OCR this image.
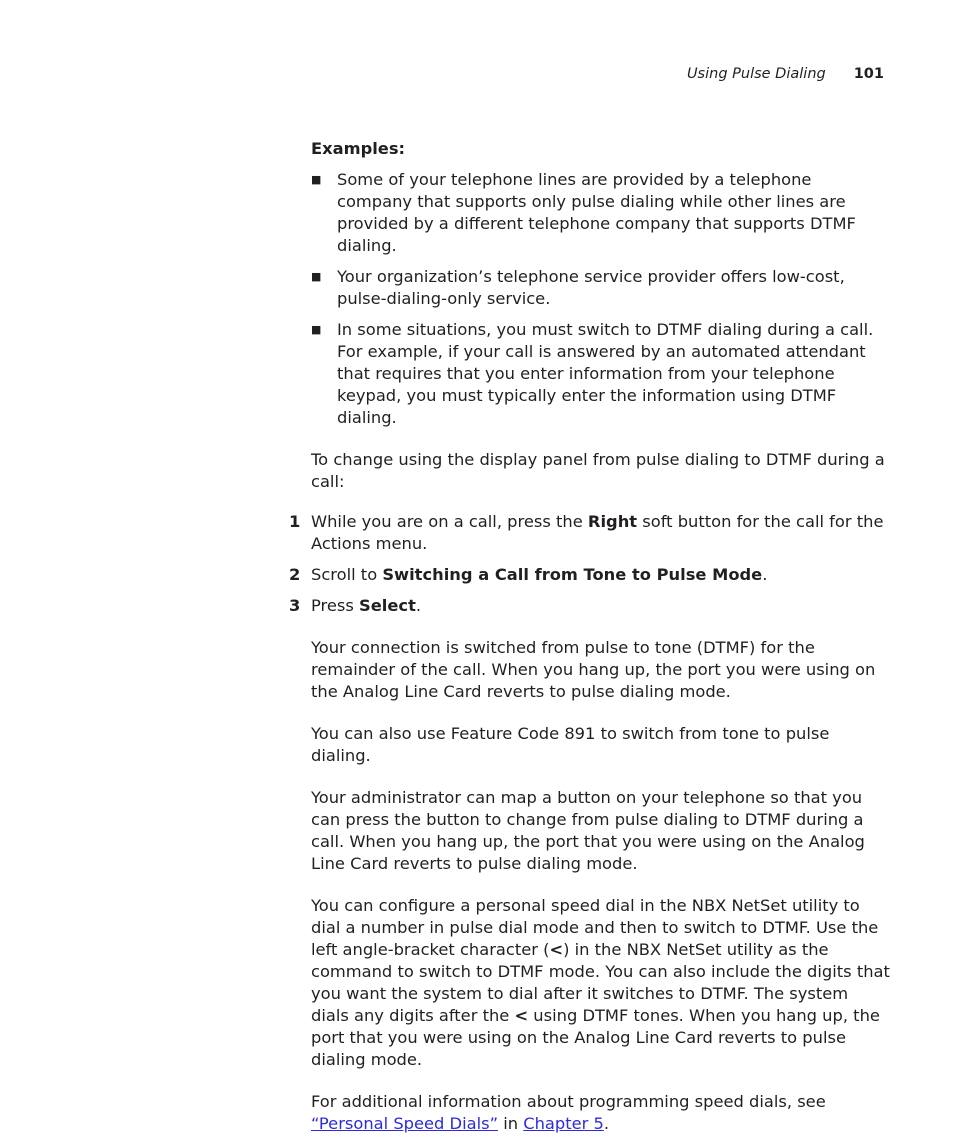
Using Pulse Dialing 101

Examples:

■ Some of your telephone lines are provided by a telephone company that supports only pulse dialing while other lines are provided by a different telephone company that supports DTMF dialing.
■ Your organization’s telephone service provider offers low-cost, pulse-dialing-only service.
■ In some situations, you must switch to DTMF dialing during a call. For example, if your call is answered by an automated attendant that requires that you enter information from your telephone keypad, you must typically enter the information using DTMF dialing.

To change using the display panel from pulse dialing to DTMF during a call:

1 While you are on a call, press the Right soft button for the call for the Actions menu.
2 Scroll to Switching a Call from Tone to Pulse Mode.
3 Press Select.

Your connection is switched from pulse to tone (DTMF) for the remainder of the call. When you hang up, the port you were using on the Analog Line Card reverts to pulse dialing mode.

You can also use Feature Code 891 to switch from tone to pulse dialing.

Your administrator can map a button on your telephone so that you can press the button to change from pulse dialing to DTMF during a call. When you hang up, the port that you were using on the Analog Line Card reverts to pulse dialing mode.

You can configure a personal speed dial in the NBX NetSet utility to dial a number in pulse dial mode and then to switch to DTMF. Use the left angle-bracket character (<) in the NBX NetSet utility as the command to switch to DTMF mode. You can also include the digits that you want the system to dial after it switches to DTMF. The system dials any digits after the < using DTMF tones. When you hang up, the port that you were using on the Analog Line Card reverts to pulse dialing mode.

For additional information about programming speed dials, see “Personal Speed Dials” in Chapter 5.
